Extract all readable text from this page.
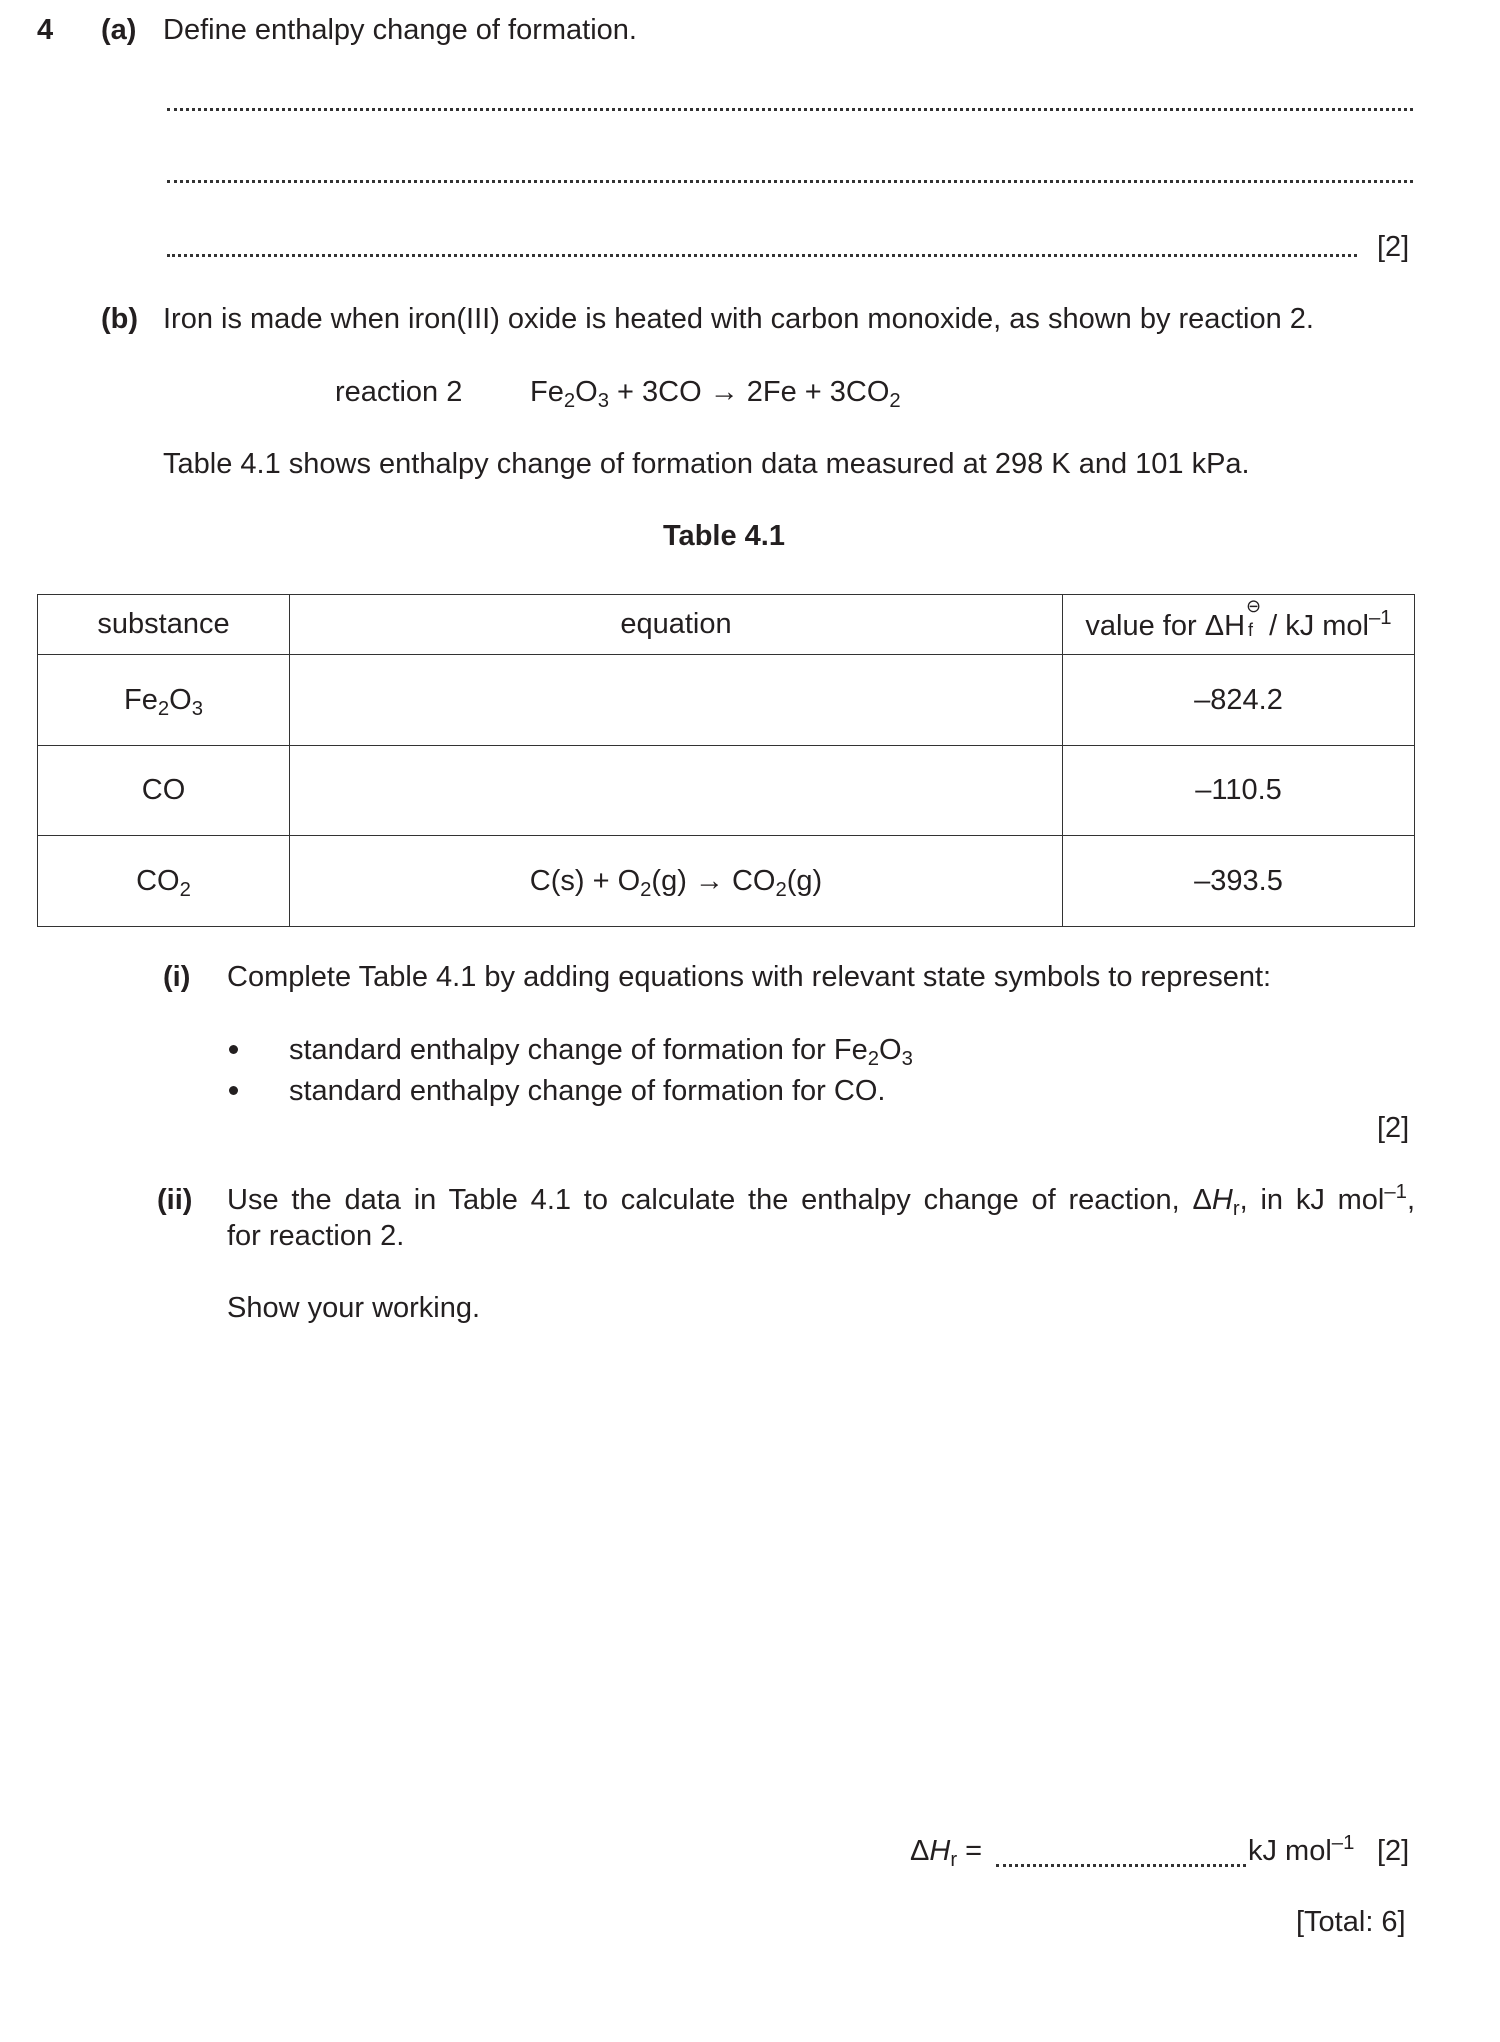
4 (a) Define enthalpy change of formation.
[2]
(b) Iron is made when iron(III) oxide is heated with carbon monoxide, as shown by reaction 2.
reaction 2 $Fe_2O_3 + 3CO \to 2Fe + 3CO_2$
Table 4.1 shows enthalpy change of formation data measured at 298 K and 101 kPa.
Table 4.1
substance	equation	value for ΔH
⊖
f / kJ mol$^{-1}$
$Fe_2O_3$		–824.2
CO		–110.5
$CO_2$	$C(s) + O_2(g) \to CO_2(g)$	–393.5
(i) Complete Table 4.1 by adding equations with relevant state symbols to represent:
standard enthalpy change of formation for $Fe_2O_3$
standard enthalpy change of formation for CO.
[2]
(ii) Use the data in Table 4.1 to calculate the enthalpy change of reaction, $\Delta H_r$, in kJ mol$^{-1}$,
for reaction 2.
Show your working.
$\Delta H_r$ =	kJ mol$^{-1}$ [2]
[Total: 6]
